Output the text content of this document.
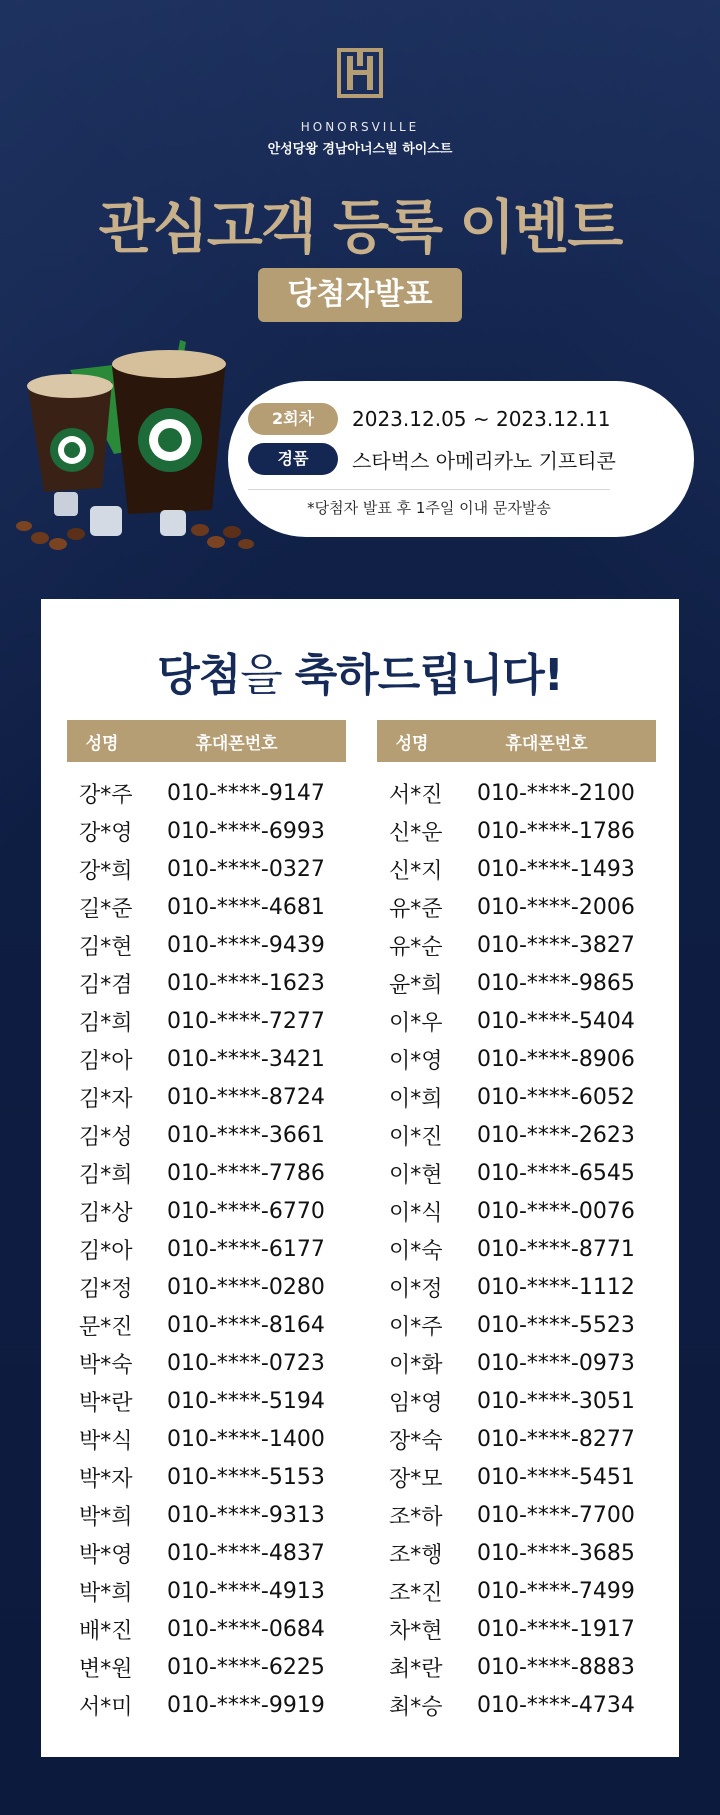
HONORSVILLE
안성당왕 경남아너스빌 하이스트
관심고객 등록 이벤트
당첨자발표
2회차	2023.12.05 ~ 2023.12.11
경품	스타벅스 아메리카노 기프티콘
*당첨자 발표 후 1주일 이내 문자발송
당첨을 축하드립니다!
성명	휴대폰번호
강*주	010-****-9147
강*영	010-****-6993
강*희	010-****-0327
길*준	010-****-4681
김*현	010-****-9439
김*겸	010-****-1623
김*희	010-****-7277
김*아	010-****-3421
김*자	010-****-8724
김*성	010-****-3661
김*희	010-****-7786
김*상	010-****-6770
김*아	010-****-6177
김*정	010-****-0280
문*진	010-****-8164
박*숙	010-****-0723
박*란	010-****-5194
박*식	010-****-1400
박*자	010-****-5153
박*희	010-****-9313
박*영	010-****-4837
박*희	010-****-4913
배*진	010-****-0684
변*원	010-****-6225
서*미	010-****-9919
성명	휴대폰번호
서*진	010-****-2100
신*운	010-****-1786
신*지	010-****-1493
유*준	010-****-2006
유*순	010-****-3827
윤*희	010-****-9865
이*우	010-****-5404
이*영	010-****-8906
이*희	010-****-6052
이*진	010-****-2623
이*현	010-****-6545
이*식	010-****-0076
이*숙	010-****-8771
이*정	010-****-1112
이*주	010-****-5523
이*화	010-****-0973
임*영	010-****-3051
장*숙	010-****-8277
장*모	010-****-5451
조*하	010-****-7700
조*행	010-****-3685
조*진	010-****-7499
차*현	010-****-1917
최*란	010-****-8883
최*승	010-****-4734
